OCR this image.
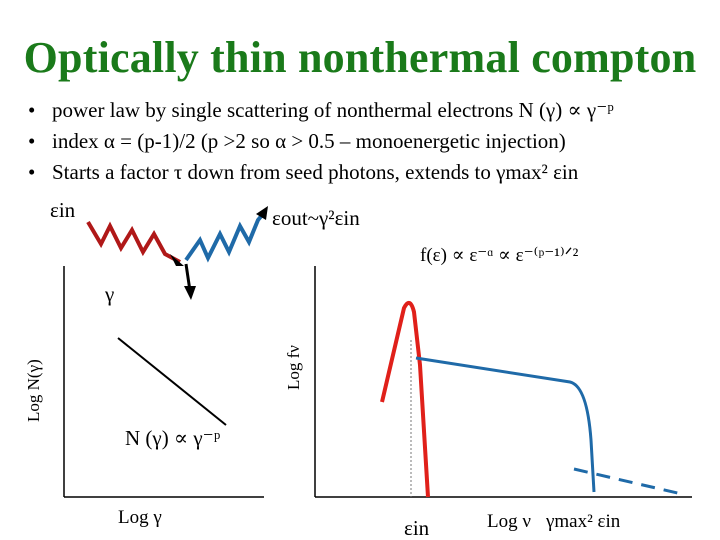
Optically thin nonthermal compton
• power law by single scattering of nonthermal electrons N (γ) ∝ γ⁻ᵖ
• index α = (p-1)/2 (p >2 so α > 0.5 – monoenergetic injection)
• Starts a factor τ down from seed photons, extends to γmax² εin
εin	εout~γ²εin
f(ε) ∝ ε⁻ᵅ ∝ ε⁻⁽ᵖ⁻¹⁾ᐟ²
γ
Log N(γ)	Log fν
N (γ) ∝ γ⁻ᵖ
Log γ	εin	Log ν γmax² εin
